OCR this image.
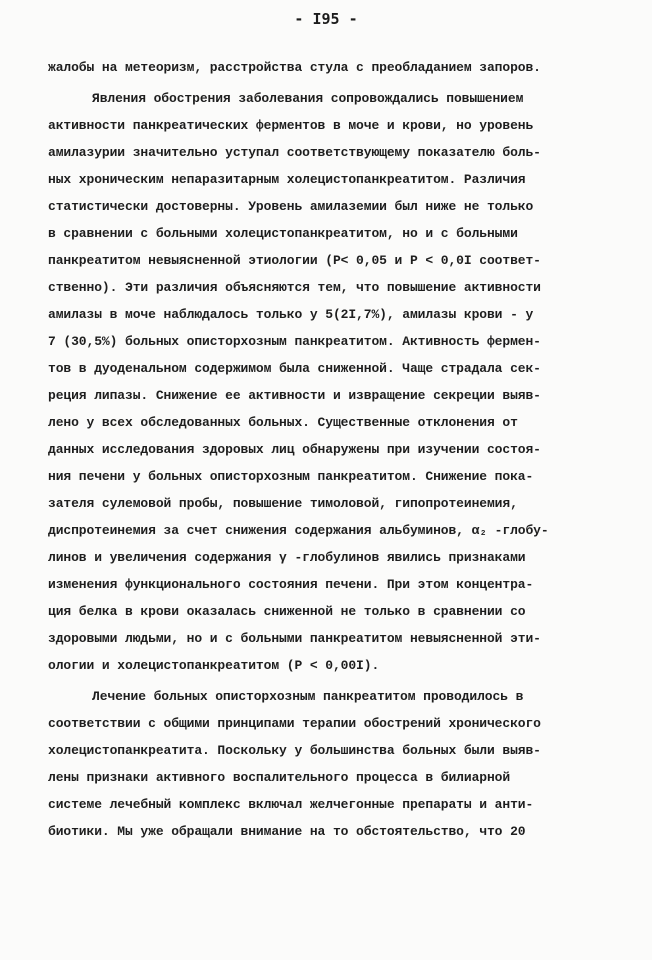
- I95 -
жалобы на метеоризм, расстройства стула с преобладанием запоров.
Явления обострения заболевания сопровождались повышением
активности панкреатических ферментов в моче и крови, но уровень
амилазурии значительно уступал соответствующему показателю боль-
ных хроническим непаразитарным холецистопанкреатитом. Различия
статистически достоверны. Уровень амилаземии был ниже не только
в сравнении с больными холецистопанкреатитом, но и с больными
панкреатитом невыясненной этиологии (P< 0,05 и P < 0,0I соответ-
ственно). Эти различия объясняются тем, что повышение активности
амилазы в моче наблюдалось только у 5(2I,7%), амилазы крови - у
7 (30,5%) больных описторхозным панкреатитом. Активность фермен-
тов в дуоденальном содержимом была сниженной. Чаще страдала сек-
реция липазы. Снижение ее активности и извращение секреции выяв-
лено у всех обследованных больных. Существенные отклонения от
данных исследования здоровых лиц обнаружены при изучении состоя-
ния печени у больных описторхозным панкреатитом. Снижение пока-
зателя сулемовой пробы, повышение тимоловой, гипопротеинемия,
диспротеинемия за счет снижения содержания альбуминов, α₂ -глобу-
линов и увеличения содержания γ -глобулинов явились признаками
изменения функционального состояния печени. При этом концентра-
ция белка в крови оказалась сниженной не только в сравнении со
здоровыми людьми, но и с больными панкреатитом невыясненной эти-
ологии и холецистопанкреатитом (P < 0,00I).
Лечение больных описторхозным панкреатитом проводилось в
соответствии с общими принципами терапии обострений хронического
холецистопанкреатита. Поскольку у большинства больных были выяв-
лены признаки активного воспалительного процесса в билиарной
системе лечебный комплекс включал желчегонные препараты и анти-
биотики. Мы уже обращали внимание на то обстоятельство, что 20
